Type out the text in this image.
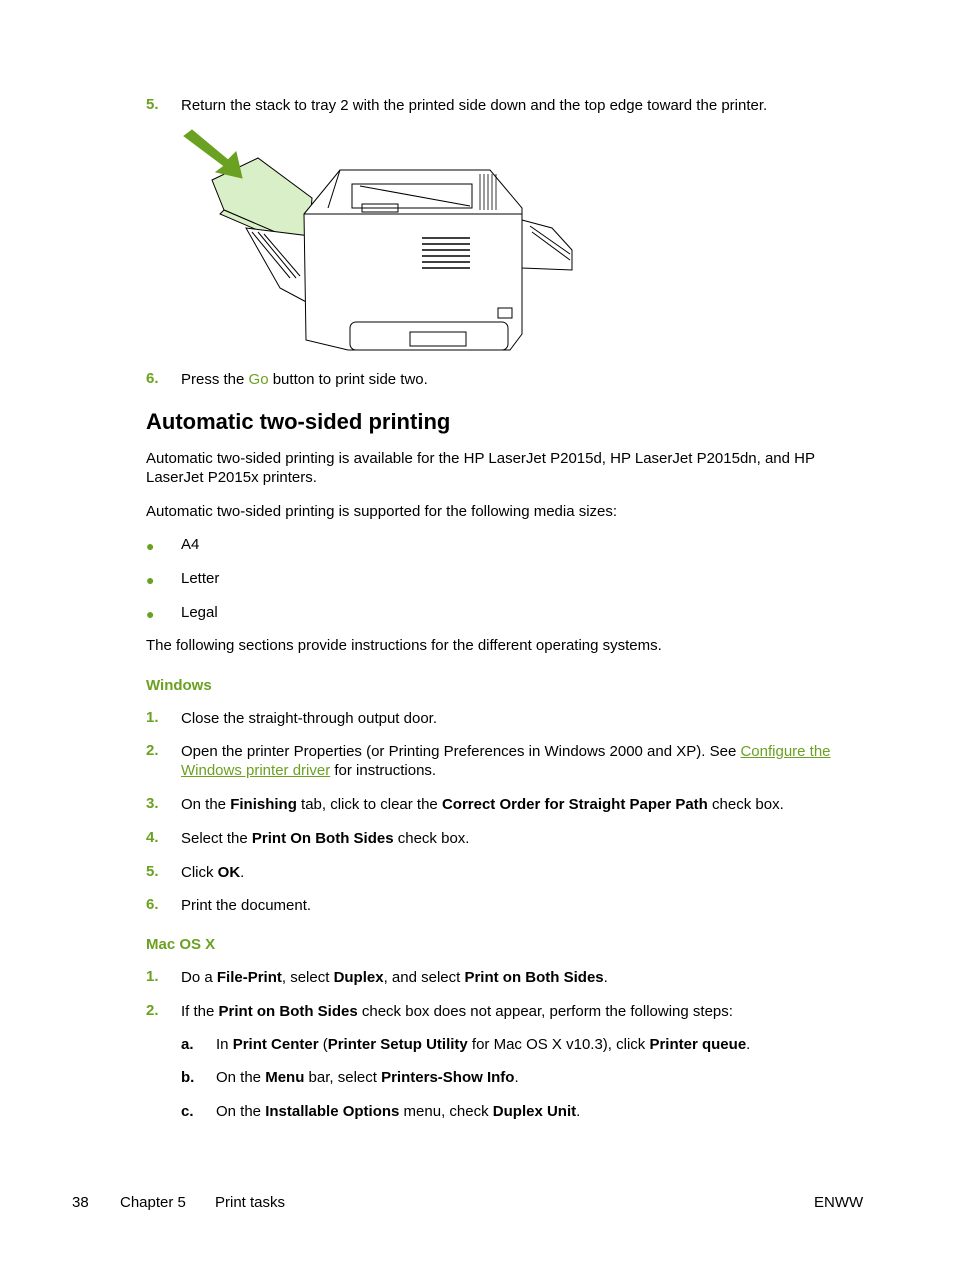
5. Return the stack to tray 2 with the printed side down and the top edge toward the printer.
6. Press the Go button to print side two.
Automatic two-sided printing
Automatic two-sided printing is available for the HP LaserJet P2015d, HP LaserJet P2015dn, and HP
LaserJet P2015x printers.
Automatic two-sided printing is supported for the following media sizes:
● A4
● Letter
● Legal
The following sections provide instructions for the different operating systems.
Windows
1. Close the straight-through output door.
2. Open the printer Properties (or Printing Preferences in Windows 2000 and XP). See Configure the
Windows printer driver for instructions.
3. On the Finishing tab, click to clear the Correct Order for Straight Paper Path check box.
4. Select the Print On Both Sides check box.
5. Click OK.
6. Print the document.
Mac OS X
1. Do a File-Print, select Duplex, and select Print on Both Sides.
2. If the Print on Both Sides check box does not appear, perform the following steps:
a. In Print Center (Printer Setup Utility for Mac OS X v10.3), click Printer queue.
b. On the Menu bar, select Printers-Show Info.
c. On the Installable Options menu, check Duplex Unit.
38 Chapter 5 Print tasks	ENWW
